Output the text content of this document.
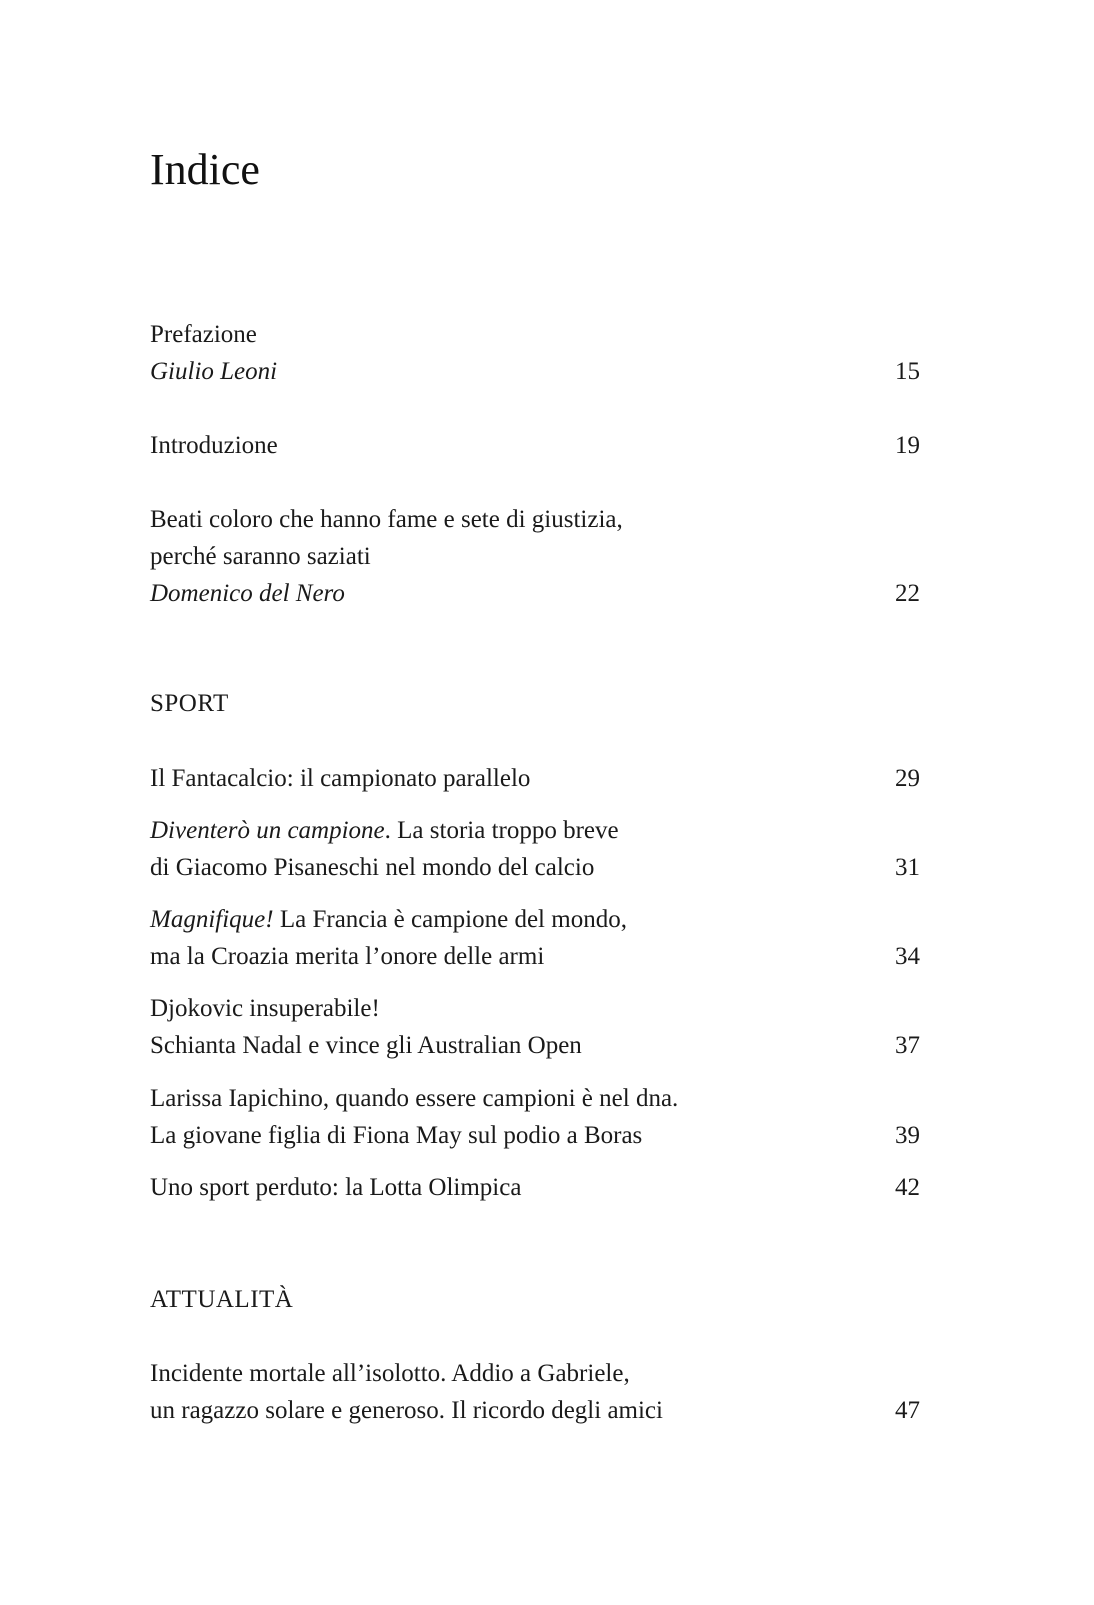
Indice
Prefazione
Giulio Leoni	15
Introduzione	19
Beati coloro che hanno fame e sete di giustizia,
perché saranno saziati
Domenico del Nero	22
SPORT
Il Fantacalcio: il campionato parallelo	29
Diventerò un campione. La storia troppo breve
di Giacomo Pisaneschi nel mondo del calcio	31
Magnifique! La Francia è campione del mondo,
ma la Croazia merita l’onore delle armi	34
Djokovic insuperabile!
Schianta Nadal e vince gli Australian Open	37
Larissa Iapichino, quando essere campioni è nel dna.
La giovane figlia di Fiona May sul podio a Boras	39
Uno sport perduto: la Lotta Olimpica	42
ATTUALITÀ
Incidente mortale all’isolotto. Addio a Gabriele,
un ragazzo solare e generoso. Il ricordo degli amici	47
